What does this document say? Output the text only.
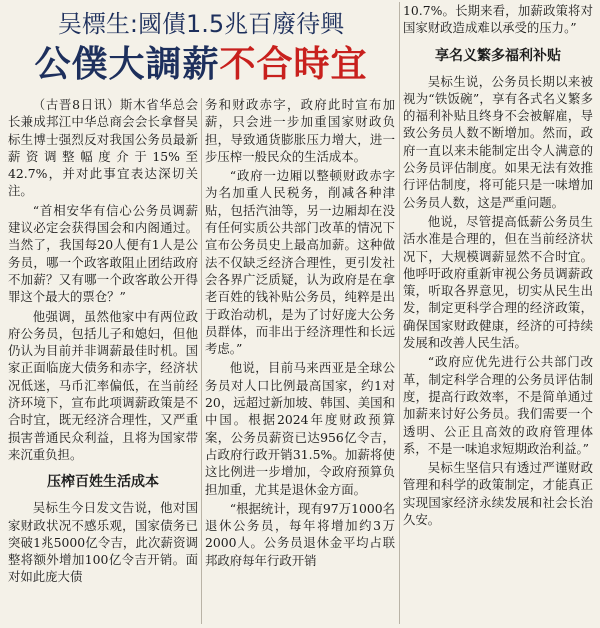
吴標生:國債1.5兆百廢待興
公僕大調薪不合時宜

（古晋8日讯）斯木省华总会长兼成邦江中华总商会会长拿督吴标生博士强烈反对我国公务员最新薪资调整幅度介于15%至42.7%，并对此事宜表达深切关注。

“首相安华有信心公务员调薪建议必定会获得国会和内阁通过。当然了，我国每20人便有1人是公务员，哪一个政客敢阻止团结政府不加薪？又有哪一个政客敢公开得罪这个最大的票仓？”

他强调，虽然他家中有两位政府公务员，包括儿子和媳妇，但他仍认为目前并非调薪最佳时机。国家正面临庞大债务和赤字，经济状况低迷，马币汇率偏低，在当前经济环境下，宣布此项调薪政策是不合时宜，既无经济合理性，又严重损害普通民众利益，且将为国家带来沉重负担。

压榨百姓生活成本

吴标生今日发文告说，他对国家财政状况不感乐观，国家债务已突破1兆5000亿令吉，此次薪资调整将额外增加100亿令吉开销。面对如此庞大债

务和财政赤字，政府此时宣布加薪，只会进一步加重国家财政负担，导致通货膨胀压力增大，进一步压榨一般民众的生活成本。

“政府一边厢以整顿财政赤字为名加重人民税务，削减各种津贴，包括汽油等，另一边厢却在没有任何实质公共部门改革的情况下宣布公务员史上最高加薪。这种做法不仅缺乏经济合理性，更引发社会各界广泛质疑，认为政府是在拿老百姓的钱补贴公务员，纯粹是出于政治动机，是为了讨好庞大公务员群体，而非出于经济理性和长远考虑。”

他说，目前马来西亚是全球公务员对人口比例最高国家，约1对20，远超过新加坡、韩国、美国和中国。根据2024年度财政预算案，公务员薪资已达956亿令吉，占政府行政开销31.5%。加薪将使这比例进一步增加，令政府预算负担加重，尤其是退休金方面。

“根据统计，现有97万1000名退休公务员，每年将增加约3万2000人。公务员退休金平均占联邦政府每年行政开销

10.7%。长期来看，加薪政策将对国家财政造成难以承受的压力。”

享名义繁多福利补贴

吴标生说，公务员长期以来被视为“铁饭碗”，享有各式名义繁多的福利补贴且终身不会被解雇，导致公务员人数不断增加。然而，政府一直以来未能制定出令人满意的公务员评估制度。如果无法有效推行评估制度，将可能只是一味增加公务员人数，这是严重问题。

他说，尽管提高低薪公务员生活水准是合理的，但在当前经济状况下，大规模调薪显然不合时宜。他呼吁政府重新审视公务员调薪政策，听取各界意见，切实从民生出发，制定更科学合理的经济政策，确保国家财政健康，经济的可持续发展和改善人民生活。

“政府应优先进行公共部门改革，制定科学合理的公务员评估制度，提高行政效率，不是简单通过加薪来讨好公务员。我们需要一个透明、公正且高效的政府管理体系，不是一味追求短期政治利益。”

吴标生坚信只有透过严谨财政管理和科学的政策制定，才能真正实现国家经济永续发展和社会长治久安。
